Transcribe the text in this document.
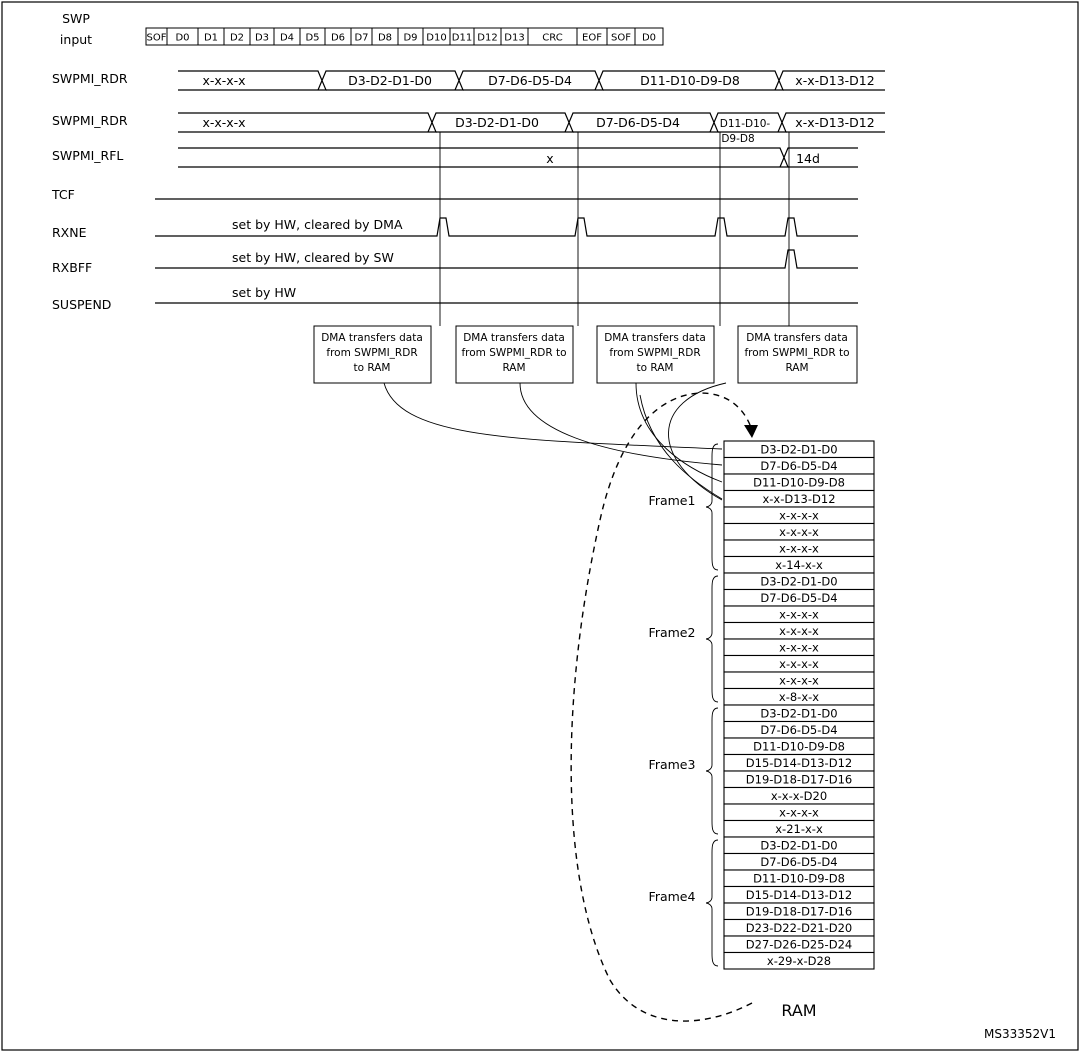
SWP
input
SWPMI_RDR
SWPMI_RDR
SWPMI_RFL
TCF
RXNE
RXBFF
SUSPEND
SOF D0 D1 D2 D3 D4 D5 D6 D7 D8 D9 D10 D11 D12 D13 CRC EOF SOF D0
x-x-x-x	D3-D2-D1-D0	D7-D6-D5-D4	D11-D10-D9-D8	x-x-D13-D12
x-x-x-x	D3-D2-D1-D0	D7-D6-D5-D4	D11-D10-
D9-D8
x-x-D13-D12
x	14d
set by HW, cleared by DMA
set by HW, cleared by SW
set by HW
DMA transfers data
from SWPMI_RDR
to RAM
DMA transfers data
from SWPMI_RDR to
RAM
DMA transfers data
from SWPMI_RDR
to RAM
DMA transfers data
from SWPMI_RDR to
RAM
D3-D2-D1-D0
D7-D6-D5-D4
D11-D10-D9-D8
x-x-D13-D12
x-x-x-x
x-x-x-x
x-x-x-x
x-14-x-x
D3-D2-D1-D0
D7-D6-D5-D4
x-x-x-x
x-x-x-x
x-x-x-x
x-x-x-x
x-x-x-x
x-8-x-x
D3-D2-D1-D0
D7-D6-D5-D4
D11-D10-D9-D8
D15-D14-D13-D12
D19-D18-D17-D16
x-x-x-D20
x-x-x-x
x-21-x-x
D3-D2-D1-D0
D7-D6-D5-D4
D11-D10-D9-D8
D15-D14-D13-D12
D19-D18-D17-D16
D23-D22-D21-D20
D27-D26-D25-D24
x-29-x-D28
Frame1
Frame2
Frame3
Frame4
RAM
MS33352V1
